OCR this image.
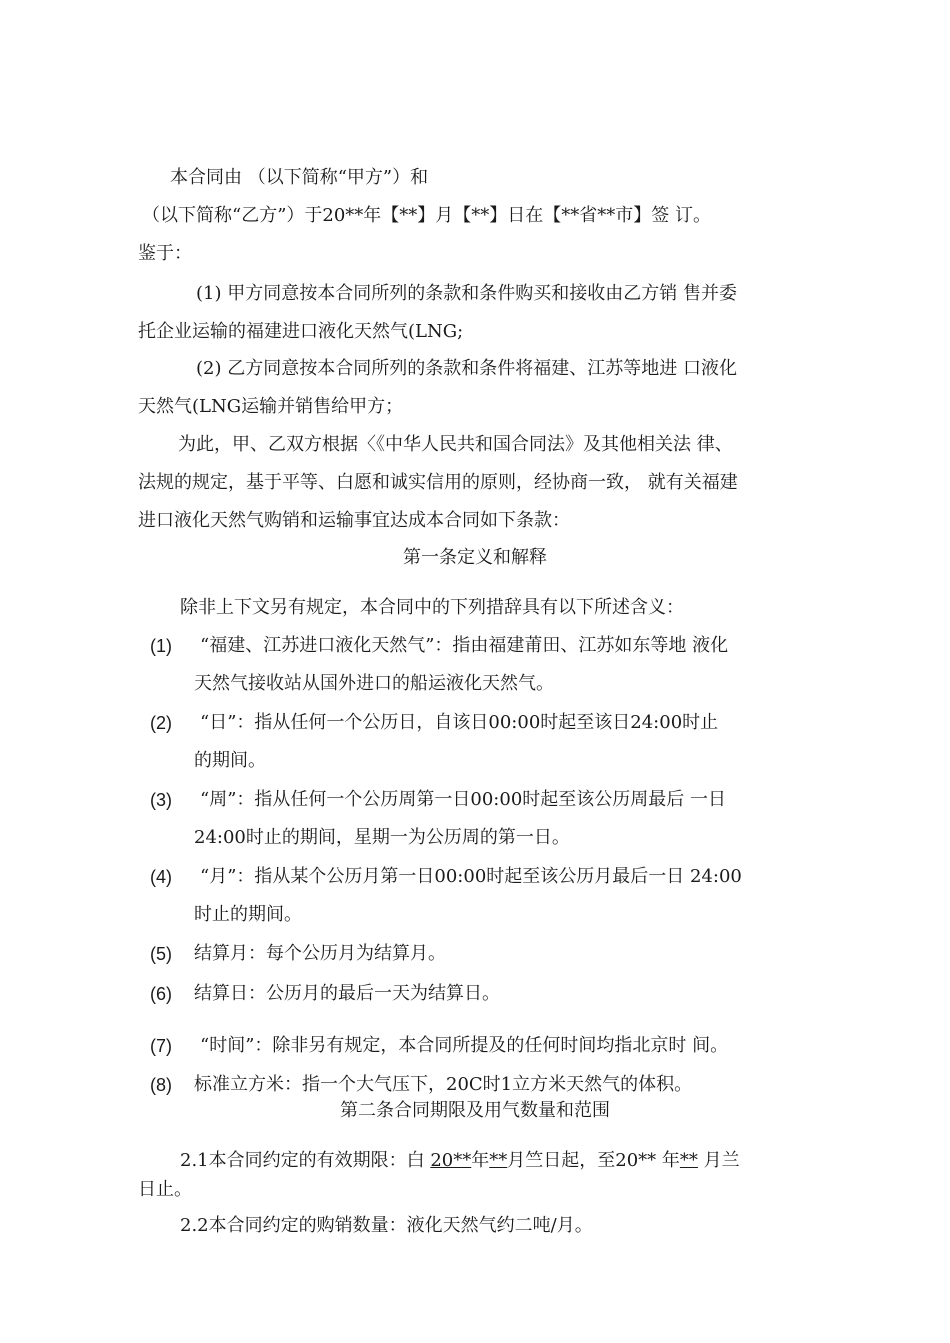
本合同由 （以下简称“甲方”）和
（以下简称“乙方”）于20**年【**】月【**】日在【**省**市】签 订。
鉴于：
(1) 甲方同意按本合同所列的条款和条件购买和接收由乙方销 售并委
托企业运输的福建进口液化天然气(LNG;
(2) 乙方同意按本合同所列的条款和条件将福建、江苏等地进 口液化
天然气(LNG运输并销售给甲方；
为此，甲、乙双方根据〈《中华人民共和国合同法》及其他相关法 律、
法规的规定，基于平等、白愿和诚实信用的原则，经协商一致， 就有关福建
进口液化天然气购销和运输事宜达成本合同如下条款：
第一条定义和解释
除非上下文另有规定，本合同中的下列措辞具有以下所述含义：
(1) “福建、江苏进口液化天然气”：指由福建莆田、江苏如东等地 液化
天然气接收站从国外进口的船运液化天然气。
(2) “日”：指从任何一个公历日，自该日00:00时起至该日24:00时止
的期间。
(3) “周”：指从任何一个公历周第一日00:00时起至该公历周最后 一日
24:00时止的期间，星期一为公历周的第一日。
(4) “月”：指从某个公历月第一日00:00时起至该公历月最后一日 24:00
时止的期间。
(5) 结算月：每个公历月为结算月。
(6) 结算日：公历月的最后一天为结算日。
(7) “时间”：除非另有规定，本合同所提及的任何时间均指北京时 间。
(8) 标准立方米：指一个大气压下，20C时1立方米天然气的体积。
第二条合同期限及用气数量和范围
2.1本合同约定的有效期限：白 20**年**月竺日起，至20** 年** 月兰
日止。
2.2本合同约定的购销数量：液化天然气约二吨/月。
